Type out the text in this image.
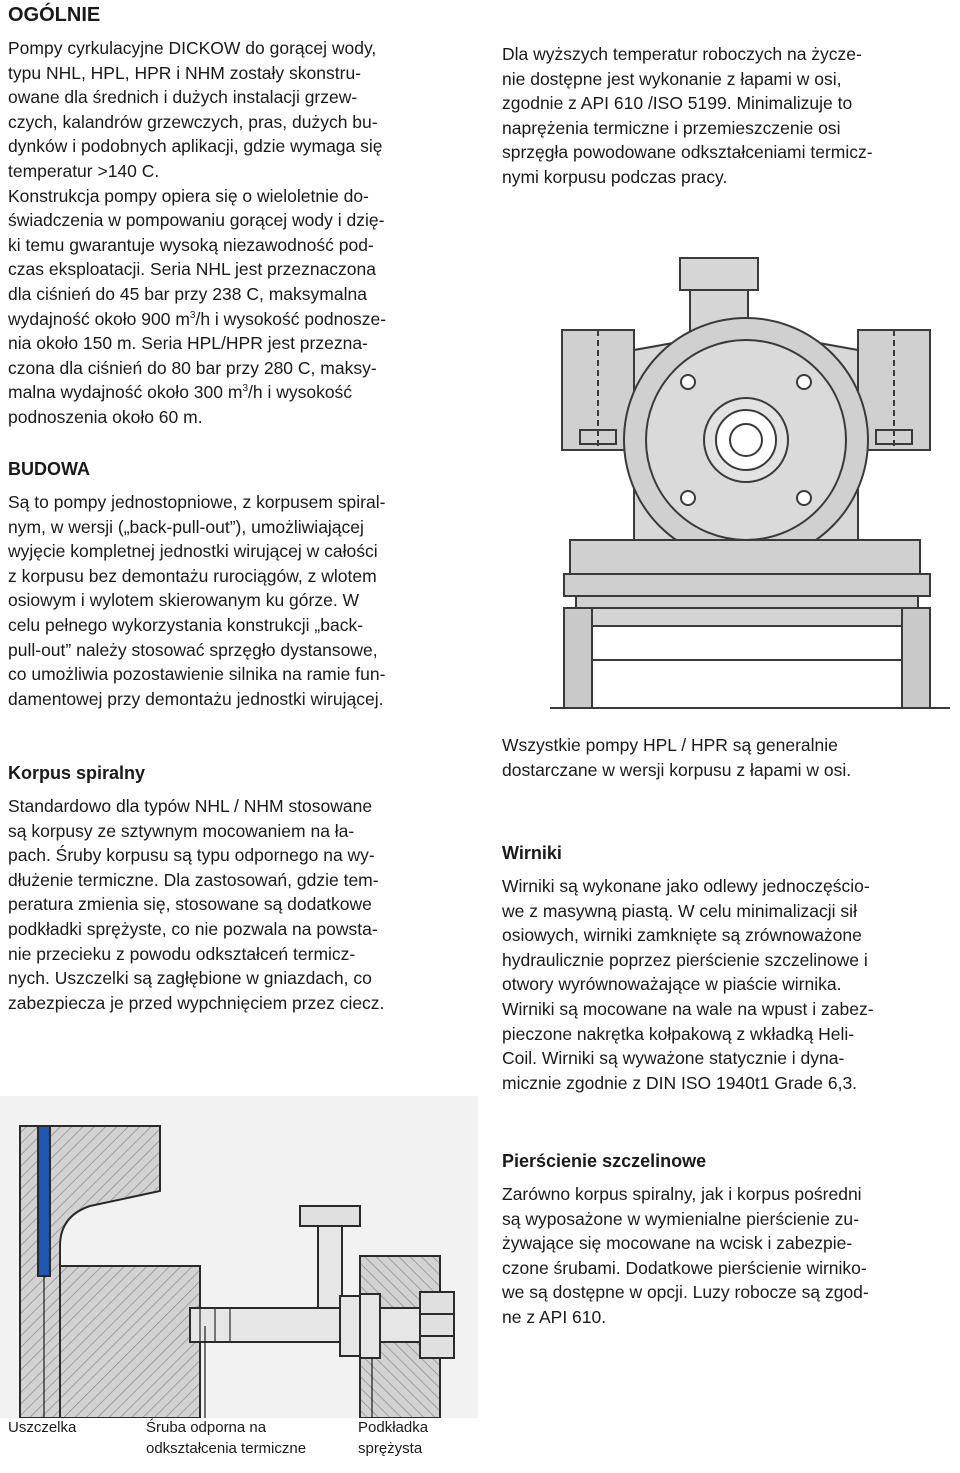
OGÓLNIE
Pompy cyrkulacyjne DICKOW do gorącej wody,
typu NHL, HPL, HPR i NHM zostały skonstru-
owane dla średnich i dużych instalacji grzew-
czych, kalandrów grzewczych, pras, dużych bu-
dynków i podobnych aplikacji, gdzie wymaga się
temperatur >140 C.
Konstrukcja pompy opiera się o wieloletnie do-
świadczenia w pompowaniu gorącej wody i dzię-
ki temu gwarantuje wysoką niezawodność pod-
czas eksploatacji. Seria NHL jest przeznaczona
dla ciśnień do 45 bar przy 238 C, maksymalna
wydajność około 900 $m^3/h$ i wysokość podnosze-
nia około 150 m. Seria HPL/HPR jest przezna-
czona dla ciśnień do 80 bar przy 280 C, maksy-
malna wydajność około 300 $m^3/h$ i wysokość
podnoszenia około 60 m.
Dla wyższych temperatur roboczych na życze-
nie dostępne jest wykonanie z łapami w osi,
zgodnie z API 610 /ISO 5199. Minimalizuje to
naprężenia termiczne i przemieszczenie osi
sprzęgła powodowane odkształceniami termicz-
nymi korpusu podczas pracy.
BUDOWA
Są to pompy jednostopniowe, z korpusem spiral-
nym, w wersji („back-pull-out”), umożliwiającej
wyjęcie kompletnej jednostki wirującej w całości
z korpusu bez demontażu rurociągów, z wlotem
osiowym i wylotem skierowanym ku górze. W
celu pełnego wykorzystania konstrukcji „back-
pull-out” należy stosować sprzęgło dystansowe,
co umożliwia pozostawienie silnika na ramie fun-
damentowej przy demontażu jednostki wirującej.
Wszystkie pompy HPL / HPR są generalnie
dostarczane w wersji korpusu z łapami w osi.
Korpus spiralny
Standardowo dla typów NHL / NHM stosowane
są korpusy ze sztywnym mocowaniem na ła-
pach. Śruby korpusu są typu odpornego na wy-
dłużenie termiczne. Dla zastosowań, gdzie tem-
peratura zmienia się, stosowane są dodatkowe
podkładki sprężyste, co nie pozwala na powsta-
nie przecieku z powodu odkształceń termicz-
nych. Uszczelki są zagłębione w gniazdach, co
zabezpiecza je przed wypchnięciem przez ciecz.
Wirniki
Wirniki są wykonane jako odlewy jednoczęścio-
we z masywną piastą. W celu minimalizacji sił
osiowych, wirniki zamknięte są zrównoważone
hydraulicznie poprzez pierścienie szczelinowe i
otwory wyrównoważające w piaście wirnika.
Wirniki są mocowane na wale na wpust i zabez-
pieczone nakrętka kołpakową z wkładką Heli-
Coil. Wirniki są wyważone statycznie i dyna-
micznie zgodnie z DIN ISO 1940t1 Grade 6,3.
Pierścienie szczelinowe
Zarówno korpus spiralny, jak i korpus pośredni
są wyposażone w wymienialne pierścienie zu-
żywające się mocowane na wcisk i zabezpie-
czone śrubami. Dodatkowe pierścienie wirniko-
we są dostępne w opcji. Luzy robocze są zgod-
ne z API 610.
Uszczelka	Śruba odporna na
odkształcenia termiczne
Podkładka
sprężysta
